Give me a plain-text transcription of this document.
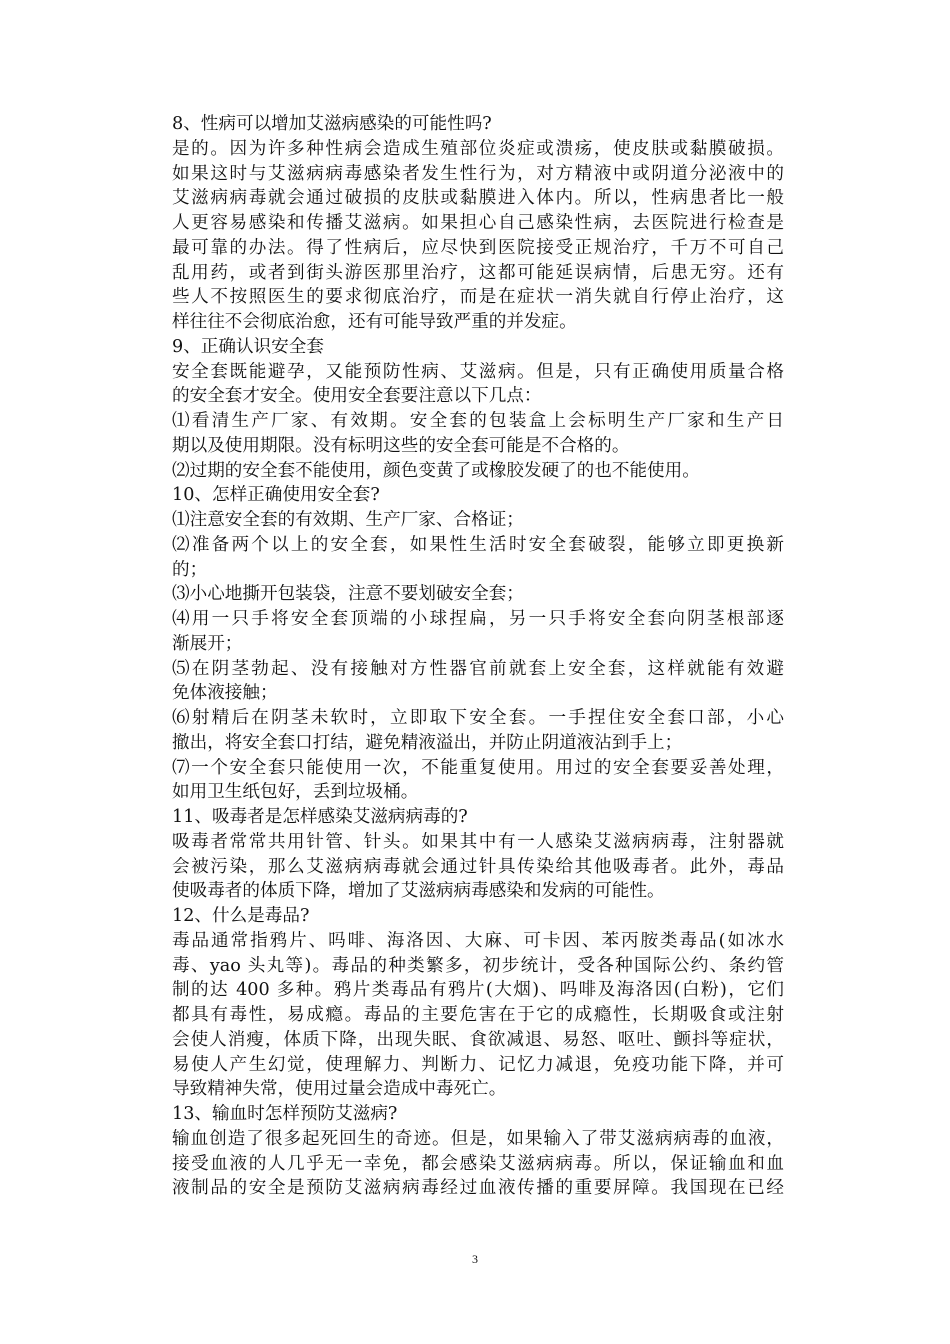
8、性病可以增加艾滋病感染的可能性吗?
是的。因为许多种性病会造成生殖部位炎症或溃疡，使皮肤或黏膜破损。
如果这时与艾滋病病毒感染者发生性行为，对方精液中或阴道分泌液中的
艾滋病病毒就会通过破损的皮肤或黏膜进入体内。所以，性病患者比一般
人更容易感染和传播艾滋病。如果担心自己感染性病，去医院进行检查是
最可靠的办法。得了性病后，应尽快到医院接受正规治疗，千万不可自己
乱用药，或者到街头游医那里治疗，这都可能延误病情，后患无穷。还有
些人不按照医生的要求彻底治疗，而是在症状一消失就自行停止治疗，这
样往往不会彻底治愈，还有可能导致严重的并发症。
9、正确认识安全套
安全套既能避孕，又能预防性病、艾滋病。但是，只有正确使用质量合格
的安全套才安全。使用安全套要注意以下几点：
⑴看清生产厂家、有效期。安全套的包装盒上会标明生产厂家和生产日
期以及使用期限。没有标明这些的安全套可能是不合格的。
⑵过期的安全套不能使用，颜色变黄了或橡胶发硬了的也不能使用。
10、怎样正确使用安全套?
⑴注意安全套的有效期、生产厂家、合格证；
⑵准备两个以上的安全套，如果性生活时安全套破裂，能够立即更换新
的；
⑶小心地撕开包装袋，注意不要划破安全套；
⑷用一只手将安全套顶端的小球捏扁，另一只手将安全套向阴茎根部逐
渐展开；
⑸在阴茎勃起、没有接触对方性器官前就套上安全套，这样就能有效避
免体液接触；
⑹射精后在阴茎未软时，立即取下安全套。一手捏住安全套口部，小心
撤出，将安全套口打结，避免精液溢出，并防止阴道液沾到手上；
⑺一个安全套只能使用一次，不能重复使用。用过的安全套要妥善处理，
如用卫生纸包好，丢到垃圾桶。
11、吸毒者是怎样感染艾滋病病毒的?
吸毒者常常共用针管、针头。如果其中有一人感染艾滋病病毒，注射器就
会被污染，那么艾滋病病毒就会通过针具传染给其他吸毒者。此外，毒品
使吸毒者的体质下降，增加了艾滋病病毒感染和发病的可能性。
12、什么是毒品?
毒品通常指鸦片、吗啡、海洛因、大麻、可卡因、苯丙胺类毒品(如冰水
毒、yao 头丸等)。毒品的种类繁多，初步统计，受各种国际公约、条约管
制的达 400 多种。鸦片类毒品有鸦片(大烟)、吗啡及海洛因(白粉)，它们
都具有毒性，易成瘾。毒品的主要危害在于它的成瘾性，长期吸食或注射
会使人消瘦，体质下降，出现失眠、食欲减退、易怒、呕吐、颤抖等症状，
易使人产生幻觉，使理解力、判断力、记忆力减退，免疫功能下降，并可
导致精神失常，使用过量会造成中毒死亡。
13、输血时怎样预防艾滋病?
输血创造了很多起死回生的奇迹。但是，如果输入了带艾滋病病毒的血液，
接受血液的人几乎无一幸免，都会感染艾滋病病毒。所以，保证输血和血
液制品的安全是预防艾滋病病毒经过血液传播的重要屏障。我国现在已经
3
